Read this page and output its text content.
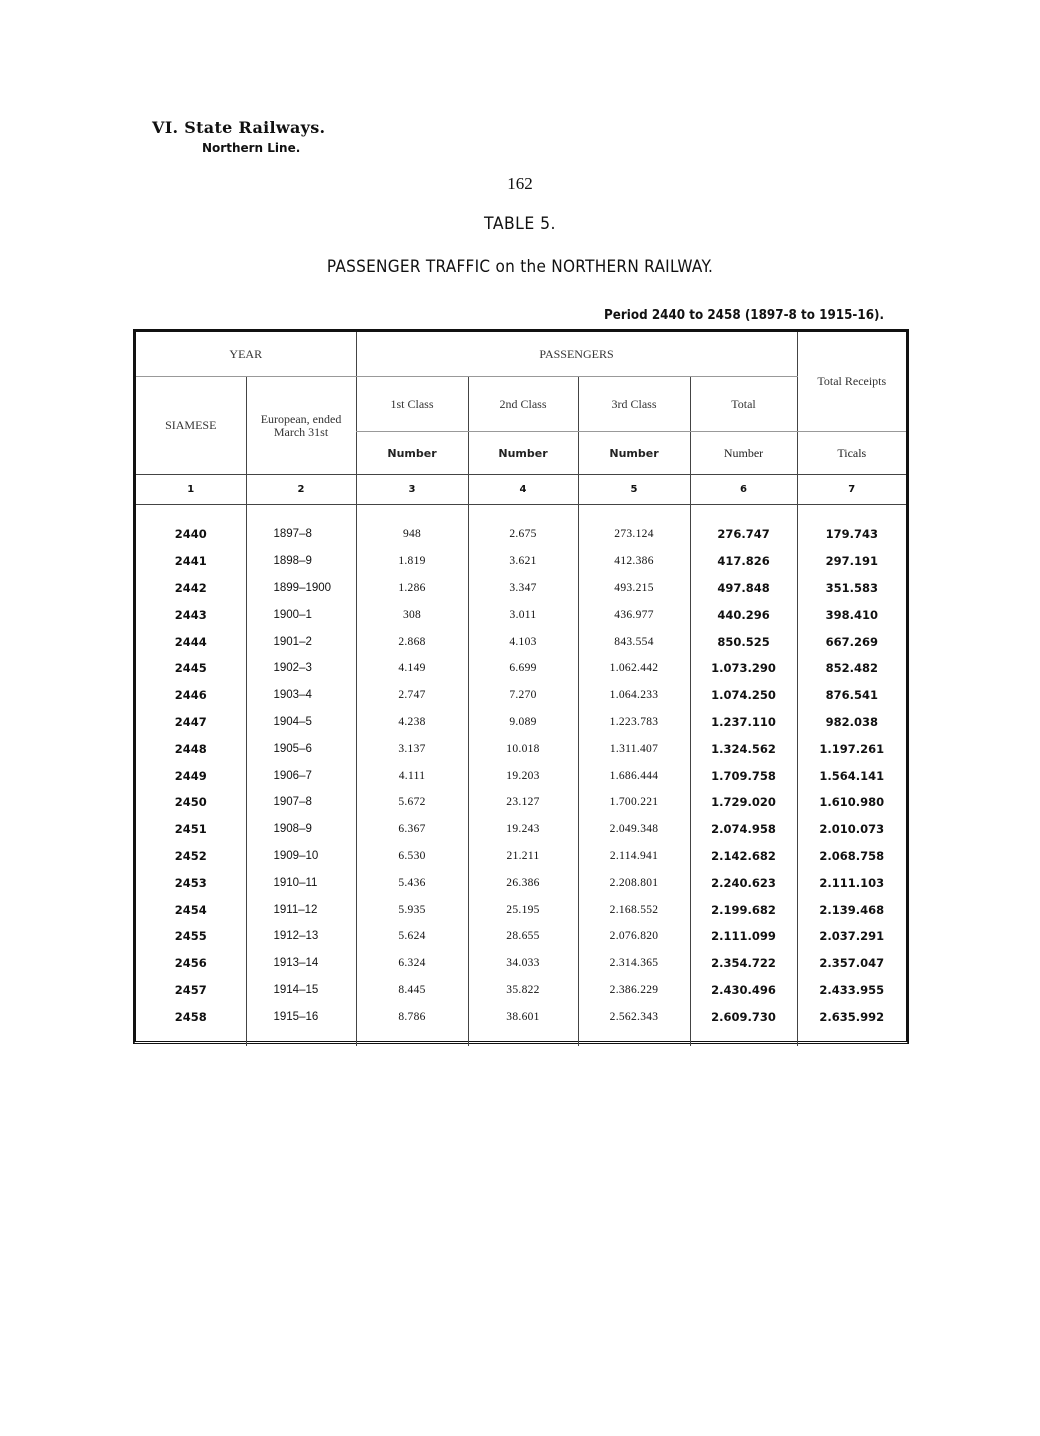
VI. State Railways.
Northern Line.
162
TABLE 5.
PASSENGER TRAFFIC on the NORTHERN RAILWAY.
Period 2440 to 2458 (1897-8 to 1915-16).
YEAR		PASSENGERS				Total Receipts
SIAMESE	European, ended March 31st	1st Class	2nd Class	3rd Class	Total	
		Number	Number	Number	Number	Ticals
1	2	3	4	5	6	7

2440	1897–8	948	2.675	273.124	276.747	179.743
2441	1898–9	1.819	3.621	412.386	417.826	297.191
2442	1899–1900	1.286	3.347	493.215	497.848	351.583
2443	1900–1	308	3.011	436.977	440.296	398.410
2444	1901–2	2.868	4.103	843.554	850.525	667.269
2445	1902–3	4.149	6.699	1.062.442	1.073.290	852.482
2446	1903–4	2.747	7.270	1.064.233	1.074.250	876.541
2447	1904–5	4.238	9.089	1.223.783	1.237.110	982.038
2448	1905–6	3.137	10.018	1.311.407	1.324.562	1.197.261
2449	1906–7	4.111	19.203	1.686.444	1.709.758	1.564.141
2450	1907–8	5.672	23.127	1.700.221	1.729.020	1.610.980
2451	1908–9	6.367	19.243	2.049.348	2.074.958	2.010.073
2452	1909–10	6.530	21.211	2.114.941	2.142.682	2.068.758
2453	1910–11	5.436	26.386	2.208.801	2.240.623	2.111.103
2454	1911–12	5.935	25.195	2.168.552	2.199.682	2.139.468
2455	1912–13	5.624	28.655	2.076.820	2.111.099	2.037.291
2456	1913–14	6.324	34.033	2.314.365	2.354.722	2.357.047
2457	1914–15	8.445	35.822	2.386.229	2.430.496	2.433.955
2458	1915–16	8.786	38.601	2.562.343	2.609.730	2.635.992
